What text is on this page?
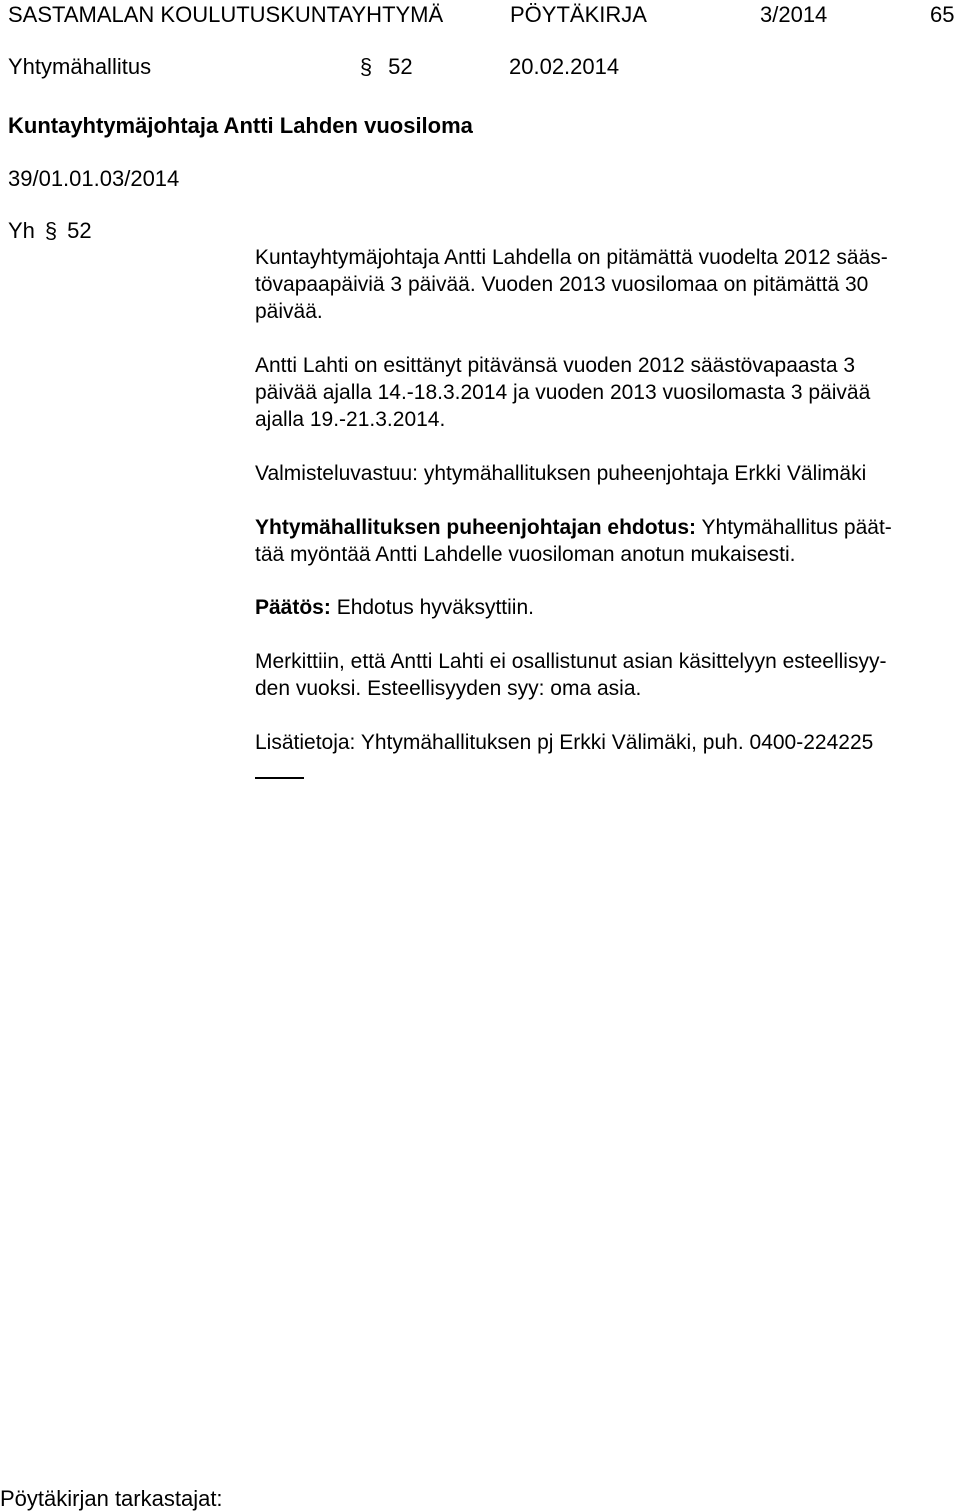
SASTAMALAN KOULUTUSKUNTAYHTYMÄ	PÖYTÄKIRJA	3/2014	65
Yhtymähallitus	§ 52	20.02.2014
Kuntayhtymäjohtaja Antti Lahden vuosiloma
39/01.01.03/2014
Yh § 52

Kuntayhtymäjohtaja Antti Lahdella on pitämättä vuodelta 2012 sääs-

tövapaapäiviä 3 päivää. Vuoden 2013 vuosilomaa on pitämättä 30

päivää.

Antti Lahti on esittänyt pitävänsä vuoden 2012 säästövapaasta 3

päivää ajalla 14.-18.3.2014 ja vuoden 2013 vuosilomasta 3 päivää

ajalla 19.-21.3.2014.

Valmisteluvastuu: yhtymähallituksen puheenjohtaja Erkki Välimäki

Yhtymähallituksen puheenjohtajan ehdotus: Yhtymähallitus päät-

tää myöntää Antti Lahdelle vuosiloman anotun mukaisesti.

Päätös: Ehdotus hyväksyttiin.

Merkittiin, että Antti Lahti ei osallistunut asian käsittelyyn esteellisyy-

den vuoksi. Esteellisyyden syy: oma asia.

Lisätietoja: Yhtymähallituksen pj Erkki Välimäki, puh. 0400-224225

Pöytäkirjan tarkastajat:
